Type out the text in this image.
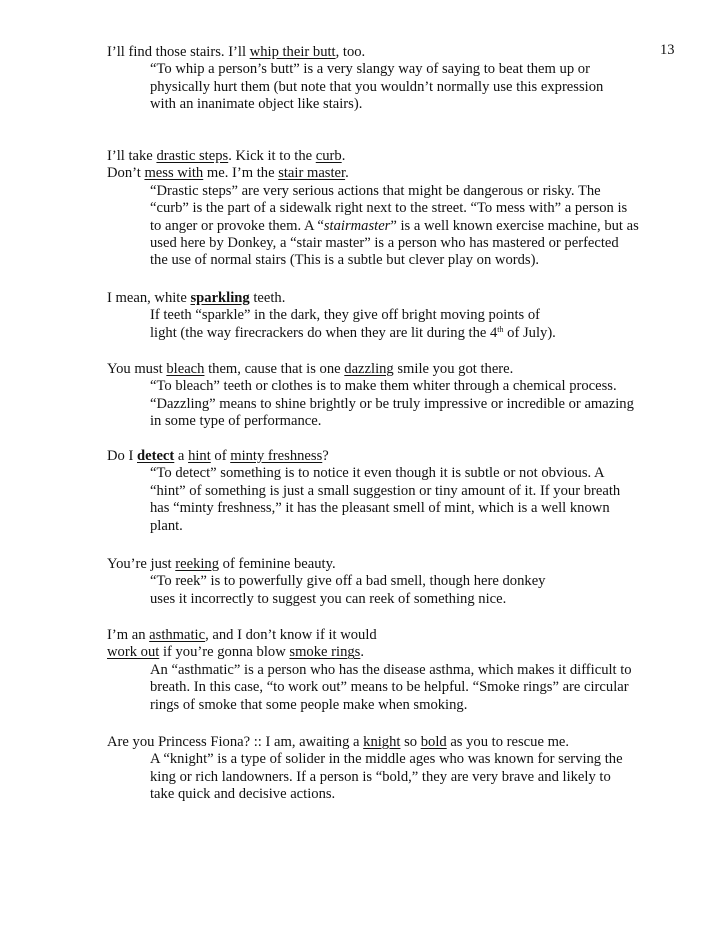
13
I’ll find those stairs. I’ll whip their butt, too.
“To whip a person’s butt” is a very slangy way of saying to beat them up or
physically hurt them (but note that you wouldn’t normally use this expression
with an inanimate object like stairs).
I’ll take drastic steps. Kick it to the curb.
Don’t mess with me. I’m the stair master.
“Drastic steps” are very serious actions that might be dangerous or risky. The
“curb” is the part of a sidewalk right next to the street. “To mess with” a person is
to anger or provoke them. A “stairmaster” is a well known exercise machine, but as
used here by Donkey, a “stair master” is a person who has mastered or perfected
the use of normal stairs (This is a subtle but clever play on words).
I mean, white sparkling teeth.
If teeth “sparkle” in the dark, they give off bright moving points of
light (the way firecrackers do when they are lit during the 4th of July).
You must bleach them, cause that is one dazzling smile you got there.
“To bleach” teeth or clothes is to make them whiter through a chemical process.
“Dazzling” means to shine brightly or be truly impressive or incredible or amazing
in some type of performance.
Do I detect a hint of minty freshness?
“To detect” something is to notice it even though it is subtle or not obvious. A
“hint” of something is just a small suggestion or tiny amount of it. If your breath
has “minty freshness,” it has the pleasant smell of mint, which is a well known
plant.
You’re just reeking of feminine beauty.
“To reek” is to powerfully give off a bad smell, though here donkey
uses it incorrectly to suggest you can reek of something nice.
I’m an asthmatic, and I don’t know if it would
work out if you’re gonna blow smoke rings.
An “asthmatic” is a person who has the disease asthma, which makes it difficult to
breath. In this case, “to work out” means to be helpful. “Smoke rings” are circular
rings of smoke that some people make when smoking.
Are you Princess Fiona? :: I am, awaiting a knight so bold as you to rescue me.
A “knight” is a type of solider in the middle ages who was known for serving the
king or rich landowners. If a person is “bold,” they are very brave and likely to
take quick and decisive actions.
